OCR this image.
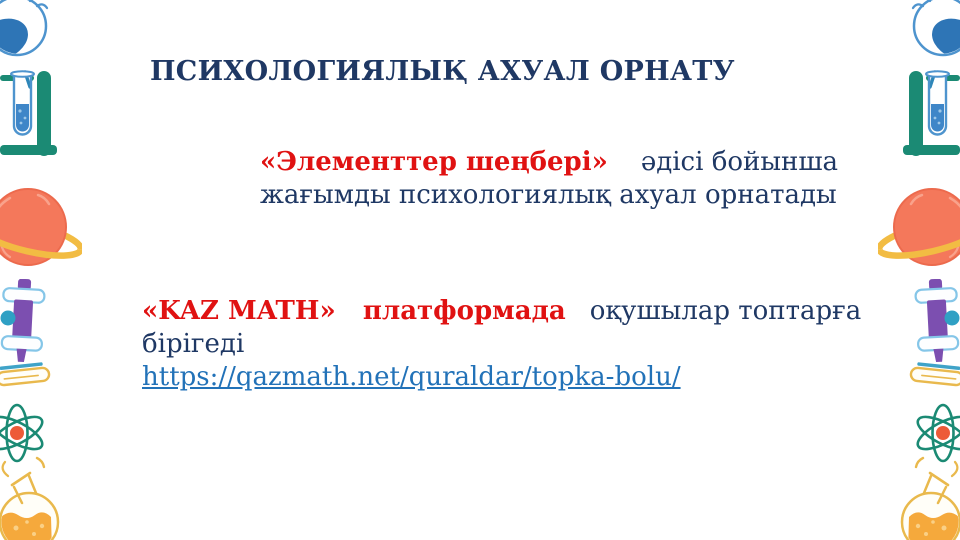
ПСИХОЛОГИЯЛЫҚ АХУАЛ ОРНАТУ
«Элементтер шеңбері» әдісі бойынша
жағымды психологиялық ахуал орнатады
«KAZ MATH»   платформада оқушылар топтарға
бірігеді
https://qazmath.net/quraldar/topka-bolu/
